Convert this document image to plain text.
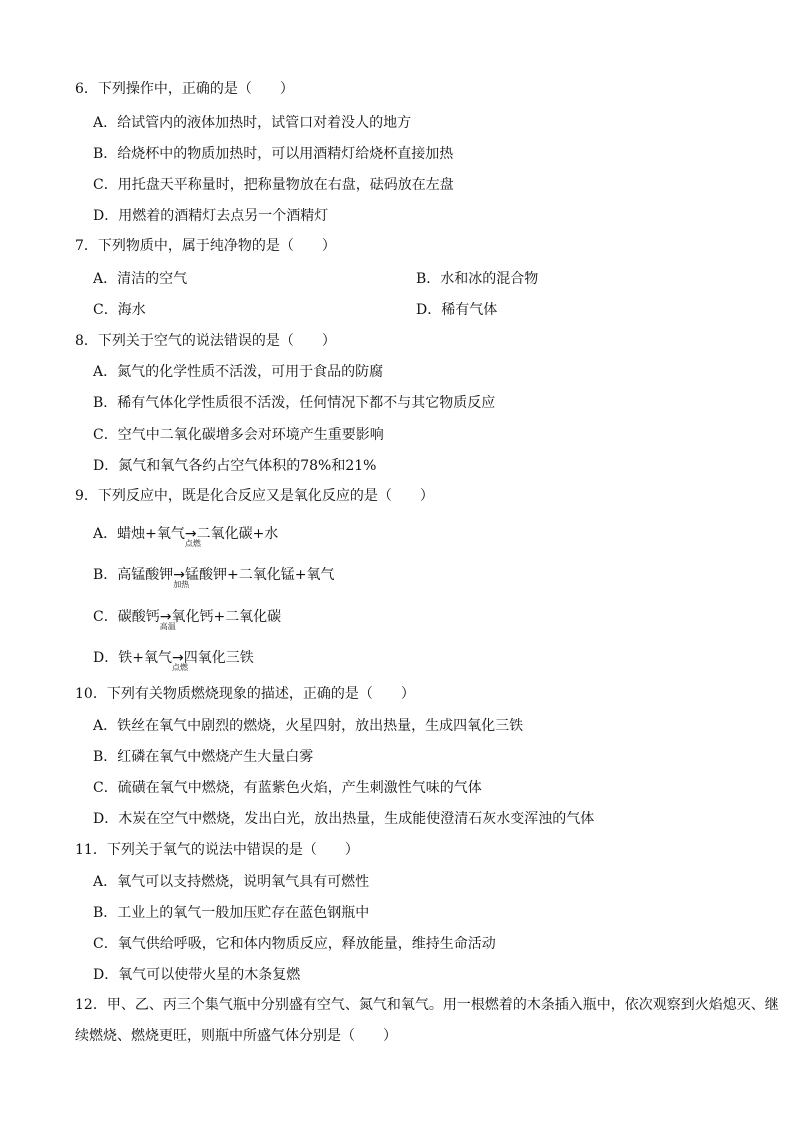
6．下列操作中，正确的是（　　）
A．给试管内的液体加热时，试管口对着没人的地方
B．给烧杯中的物质加热时，可以用酒精灯给烧杯直接加热
C．用托盘天平称量时，把称量物放在右盘，砝码放在左盘
D．用燃着的酒精灯去点另一个酒精灯
7．下列物质中，属于纯净物的是（　　）
A．清洁的空气	B．水和冰的混合物
C．海水	D．稀有气体
8．下列关于空气的说法错误的是（　　）
A．氮气的化学性质不活泼，可用于食品的防腐
B．稀有气体化学性质很不活泼，任何情况下都不与其它物质反应
C．空气中二氧化碳增多会对环境产生重要影响
D．氮气和氧气各约占空气体积的78%和21%
9．下列反应中，既是化合反应又是氧化反应的是（　　）
A．蜡烛+氧气→
点燃
二氧化碳+水
B．高锰酸钾→
加热
锰酸钾+二氧化锰+氧气
C．碳酸钙→
高温
氧化钙+二氧化碳
D．铁+氧气→
点燃
四氧化三铁
10．下列有关物质燃烧现象的描述，正确的是（　　）
A．铁丝在氧气中剧烈的燃烧，火星四射，放出热量，生成四氧化三铁
B．红磷在氧气中燃烧产生大量白雾
C．硫磺在氧气中燃烧，有蓝紫色火焰，产生刺激性气味的气体
D．木炭在空气中燃烧，发出白光，放出热量，生成能使澄清石灰水变浑浊的气体
11．下列关于氧气的说法中错误的是（　　）
A．氧气可以支持燃烧，说明氧气具有可燃性
B．工业上的氧气一般加压贮存在蓝色钢瓶中
C．氧气供给呼吸，它和体内物质反应，释放能量，维持生命活动
D．氧气可以使带火星的木条复燃
12．甲、乙、丙三个集气瓶中分别盛有空气、氮气和氧气。用一根燃着的木条插入瓶中，依次观察到火焰熄灭、继续燃烧、燃烧更旺，则瓶中所盛气体分别是（　　）
